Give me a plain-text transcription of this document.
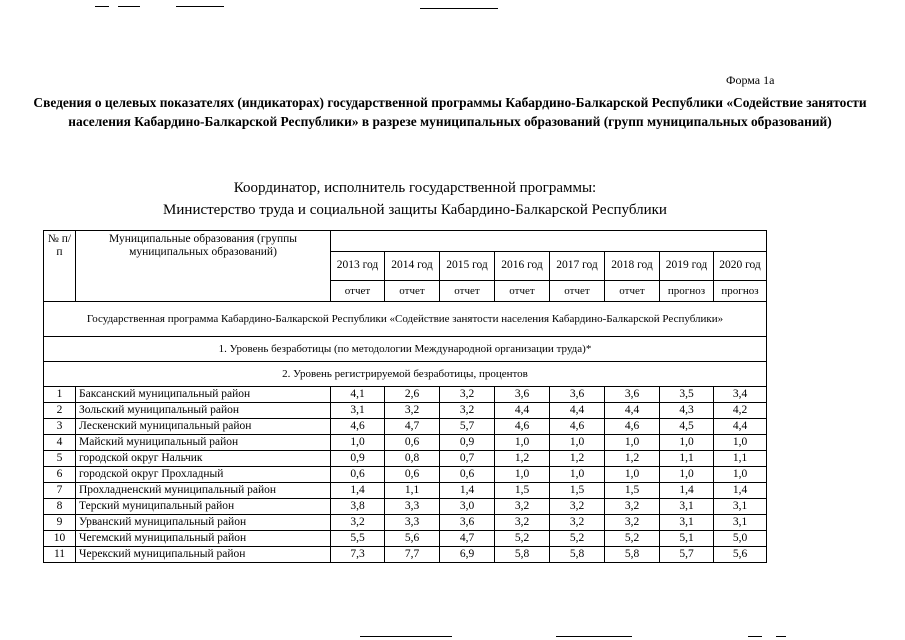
Форма 1а
Сведения о целевых показателях (индикаторах) государственной программы Кабардино-Балкарской Республики «Содействие занятости населения Кабардино-Балкарской Республики» в разрезе муниципальных образований (групп муниципальных образований)
Координатор, исполнитель государственной программы:
Министерство труда и социальной защиты Кабардино-Балкарской Республики
№ п/п	Муниципальные образования (группы муниципальных образований)								
		2013 год	2014 год	2015 год	2016 год	2017 год	2018 год	2019 год	2020 год
		отчет	отчет	отчет	отчет	отчет	отчет	прогноз	прогноз
Государственная программа Кабардино-Балкарской Республики «Содействие занятости населения Кабардино-Балкарской Республики»									
1. Уровень безработицы (по методологии Международной организации труда)*									
2. Уровень регистрируемой безработицы, процентов									
1	Баксанский муниципальный район	4,1	2,6	3,2	3,6	3,6	3,6	3,5	3,4
2	Зольский муниципальный район	3,1	3,2	3,2	4,4	4,4	4,4	4,3	4,2
3	Лескенский муниципальный район	4,6	4,7	5,7	4,6	4,6	4,6	4,5	4,4
4	Майский муниципальный район	1,0	0,6	0,9	1,0	1,0	1,0	1,0	1,0
5	городской округ Нальчик	0,9	0,8	0,7	1,2	1,2	1,2	1,1	1,1
6	городской округ Прохладный	0,6	0,6	0,6	1,0	1,0	1,0	1,0	1,0
7	Прохладненский муниципальный район	1,4	1,1	1,4	1,5	1,5	1,5	1,4	1,4
8	Терский муниципальный район	3,8	3,3	3,0	3,2	3,2	3,2	3,1	3,1
9	Урванский муниципальный район	3,2	3,3	3,6	3,2	3,2	3,2	3,1	3,1
10	Чегемский муниципальный район	5,5	5,6	4,7	5,2	5,2	5,2	5,1	5,0
11	Черекский муниципальный район	7,3	7,7	6,9	5,8	5,8	5,8	5,7	5,6
